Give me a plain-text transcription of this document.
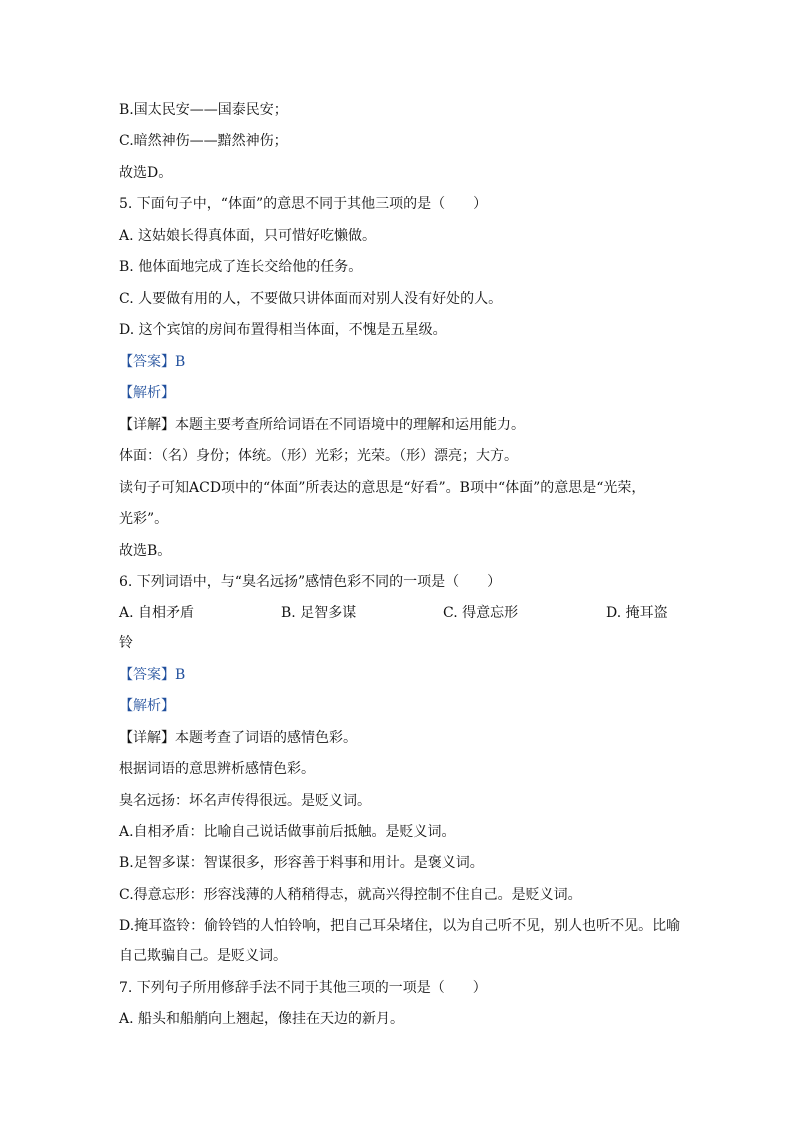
B.国太民安——国泰民安；
C.暗然神伤——黯然神伤；
故选D。
5. 下面句子中，“体面”的意思不同于其他三项的是（　　）
A. 这姑娘长得真体面，只可惜好吃懒做。
B. 他体面地完成了连长交给他的任务。
C. 人要做有用的人，不要做只讲体面而对别人没有好处的人。
D. 这个宾馆的房间布置得相当体面，不愧是五星级。
【答案】B
【解析】
【详解】本题主要考查所给词语在不同语境中的理解和运用能力。
体面：（名）身份；体统。（形）光彩；光荣。（形）漂亮；大方。
读句子可知ACD项中的“体面”所表达的意思是“好看”。B项中“体面”的意思是“光荣，
光彩”。
故选B。
6. 下列词语中，与“臭名远扬”感情色彩不同的一项是（　　）
A. 自相矛盾	B. 足智多谋	C. 得意忘形	D. 掩耳盗
铃
【答案】B
【解析】
【详解】本题考查了词语的感情色彩。
根据词语的意思辨析感情色彩。
臭名远扬：坏名声传得很远。是贬义词。
A.自相矛盾：比喻自己说话做事前后抵触。是贬义词。
B.足智多谋：智谋很多，形容善于料事和用计。是褒义词。
C.得意忘形：形容浅薄的人稍稍得志，就高兴得控制不住自己。是贬义词。
D.掩耳盗铃：偷铃铛的人怕铃响，把自己耳朵堵住，以为自己听不见，别人也听不见。比喻
自己欺骗自己。是贬义词。
7. 下列句子所用修辞手法不同于其他三项的一项是（　　）
A. 船头和船艄向上翘起，像挂在天边的新月。
